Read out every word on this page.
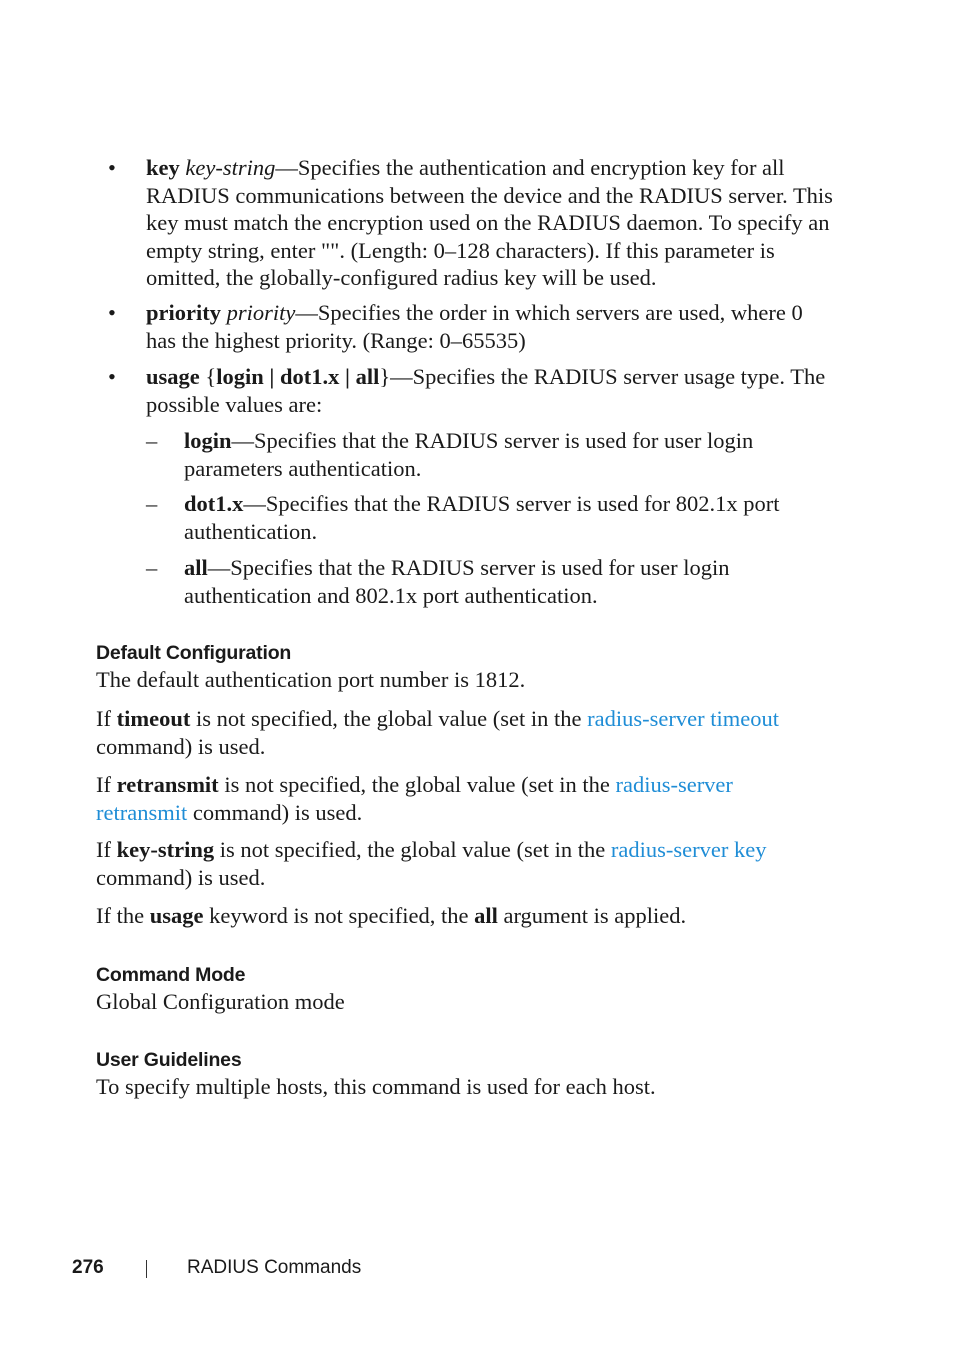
•	key key-string—Specifies the authentication and encryption key for all RADIUS communications between the device and the RADIUS server. This key must match the encryption used on the RADIUS daemon. To specify an empty string, enter "". (Length: 0–128 characters). If this parameter is omitted, the globally-configured radius key will be used.
•	priority priority—Specifies the order in which servers are used, where 0 has the highest priority. (Range: 0–65535)
•	usage {login | dot1.x | all}—Specifies the RADIUS server usage type. The possible values are:
–	login—Specifies that the RADIUS server is used for user login parameters authentication.
–	dot1.x—Specifies that the RADIUS server is used for 802.1x port authentication.
–	all—Specifies that the RADIUS server is used for user login authentication and 802.1x port authentication.
Default Configuration
The default authentication port number is 1812.
If timeout is not specified, the global value (set in the radius-server timeout command) is used.
If retransmit is not specified, the global value (set in the radius-server retransmit command) is used.
If key-string is not specified, the global value (set in the radius-server key command) is used.
If the usage keyword is not specified, the all argument is applied.
Command Mode
Global Configuration mode
User Guidelines
To specify multiple hosts, this command is used for each host.
276	RADIUS Commands
